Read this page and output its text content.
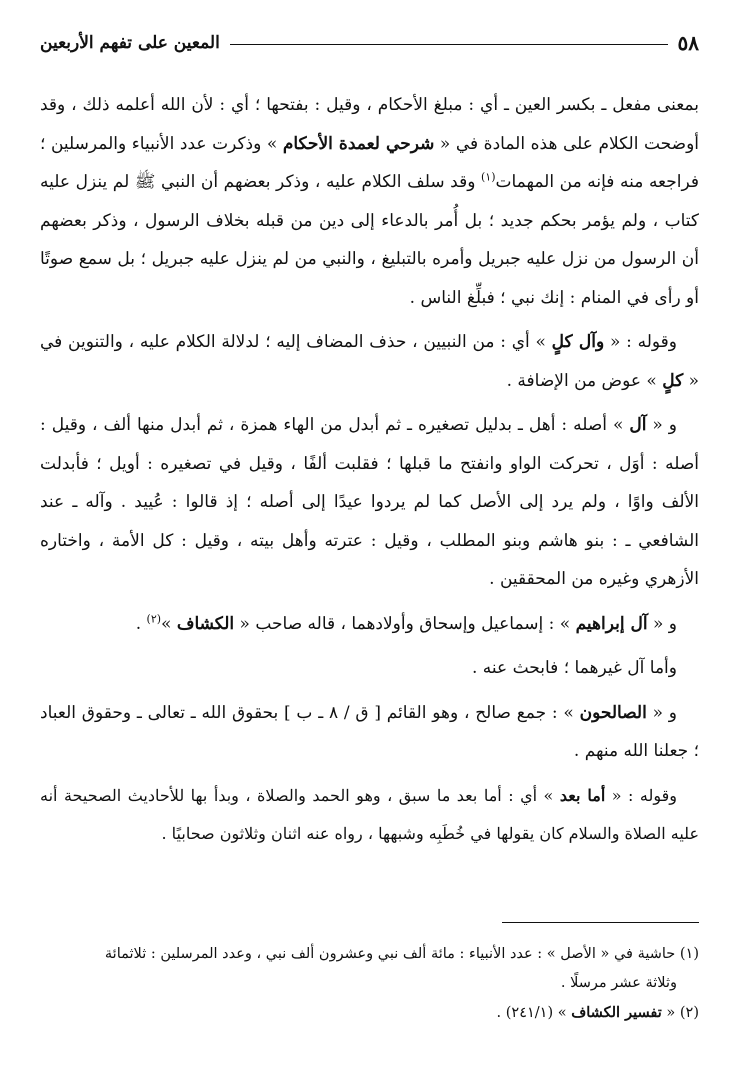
٥٨
المعين على تفهم الأربعين

بمعنى مفعل ـ بكسر العين ـ أي : مبلغ الأحكام ، وقيل : بفتحها ؛ أي : لأن الله أعلمه ذلك ، وقد أوضحت الكلام على هذه المادة في « شرحي لعمدة الأحكام » وذكرت عدد الأنبياء والمرسلين ؛ فراجعه منه فإنه من المهمات$^{(١)}$ وقد سلف الكلام عليه ، وذكر بعضهم أن النبي ﷺ لم ينزل عليه كتاب ، ولم يؤمر بحكم جديد ؛ بل أُمر بالدعاء إلى دين من قبله بخلاف الرسول ، وذكر بعضهم أن الرسول من نزل عليه جبريل وأمره بالتبليغ ، والنبي من لم ينزل عليه جبريل ؛ بل سمع صوتًا أو رأى في المنام : إنك نبي ؛ فبلِّغ الناس .

وقوله : « وآل كلٍ » أي : من النبيين ، حذف المضاف إليه ؛ لدلالة الكلام عليه ، والتنوين في « كلٍ » عوض من الإضافة .

و « آل » أصله : أهل ـ بدليل تصغيره ـ ثم أبدل من الهاء همزة ، ثم أبدل منها ألف ، وقيل : أصله : أوَل ، تحركت الواو وانفتح ما قبلها ؛ فقلبت ألفًا ، وقيل في تصغيره : أويل ؛ فأبدلت الألف واوًا ، ولم يرد إلى الأصل كما لم يردوا عيدًا إلى أصله ؛ إذ قالوا : عُييد . وآله ـ عند الشافعي ـ : بنو هاشم وبنو المطلب ، وقيل : عترته وأهل بيته ، وقيل : كل الأمة ، واختاره الأزهري وغيره من المحققين .

و « آل إبراهيم » : إسماعيل وإسحاق وأولادهما ، قاله صاحب « الكشاف »$^{(٢)}$ .

وأما آل غيرهما ؛ فابحث عنه .

و « الصالحون » : جمع صالح ، وهو القائم [ ق / ٨ ـ ب ] بحقوق الله ـ تعالى ـ وحقوق العباد ؛ جعلنا الله منهم .

وقوله : « أما بعد » أي : أما بعد ما سبق ، وهو الحمد والصلاة ، وبدأ بها للأحاديث الصحيحة أنه عليه الصلاة والسلام كان يقولها في خُطَبِه وشبهها ، رواه عنه اثنان وثلاثون صحابيًا .

(١) حاشية في « الأصل » : عدد الأنبياء : مائة ألف نبي وعشرون ألف نبي ، وعدد المرسلين : ثلاثمائة

وثلاثة عشر مرسلًا .

(٢) « تفسير الكشاف » (٢٤١/١) .
